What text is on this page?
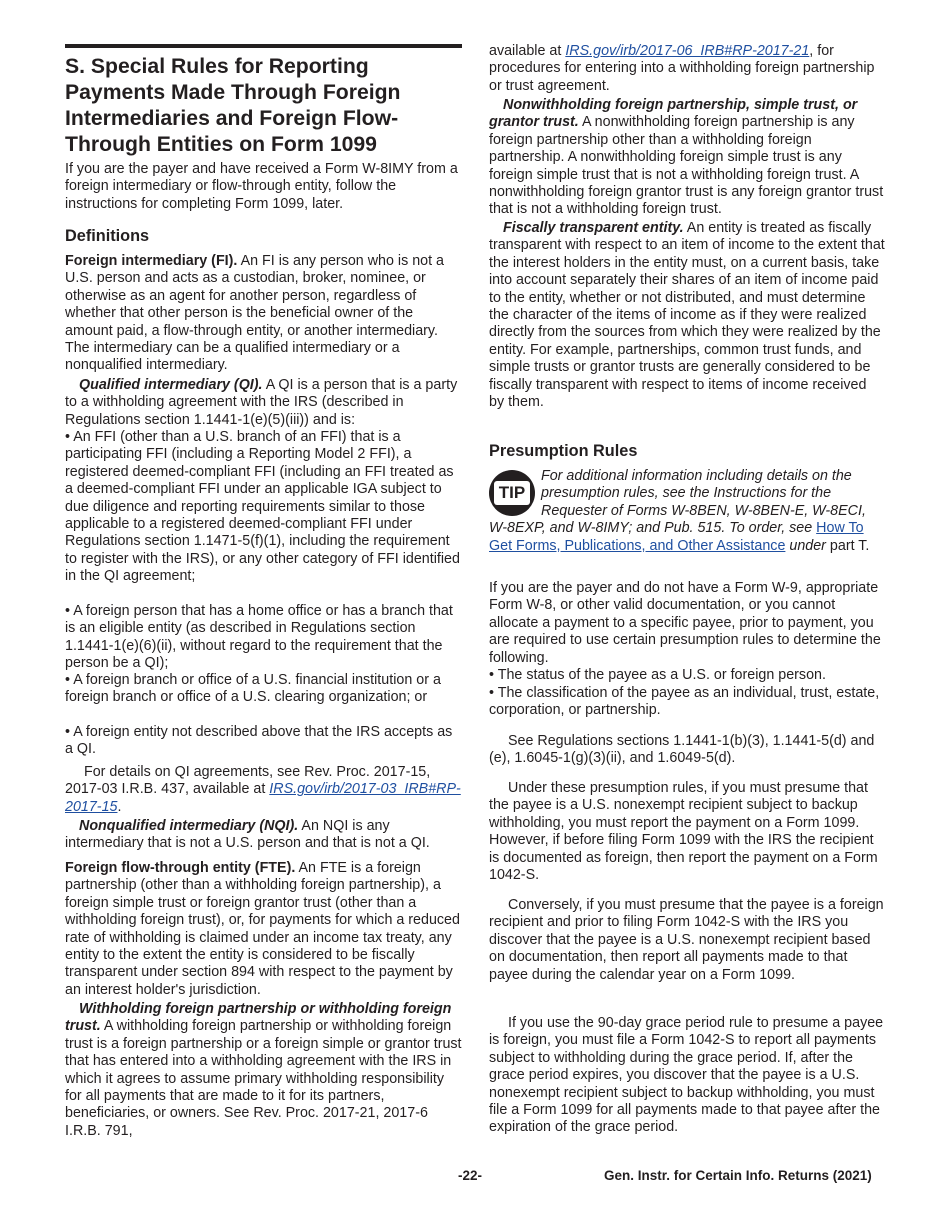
S. Special Rules for Reporting Payments Made Through Foreign Intermediaries and Foreign Flow-Through Entities on Form 1099

If you are the payer and have received a Form W-8IMY from a foreign intermediary or flow-through entity, follow the instructions for completing Form 1099, later.

Definitions

Foreign intermediary (FI). An FI is any person who is not a U.S. person and acts as a custodian, broker, nominee, or otherwise as an agent for another person, regardless of whether that other person is the beneficial owner of the amount paid, a flow-through entity, or another intermediary. The intermediary can be a qualified intermediary or a nonqualified intermediary.

Qualified intermediary (QI). A QI is a person that is a party to a withholding agreement with the IRS (described in Regulations section 1.1441-1(e)(5)(iii)) and is:

• An FFI (other than a U.S. branch of an FFI) that is a participating FFI (including a Reporting Model 2 FFI), a registered deemed-compliant FFI (including an FFI treated as a deemed-compliant FFI under an applicable IGA subject to due diligence and reporting requirements similar to those applicable to a registered deemed-compliant FFI under Regulations section 1.1471-5(f)(1), including the requirement to register with the IRS), or any other category of FFI identified in the QI agreement;

• A foreign person that has a home office or has a branch that is an eligible entity (as described in Regulations section 1.1441-1(e)(6)(ii), without regard to the requirement that the person be a QI);

• A foreign branch or office of a U.S. financial institution or a foreign branch or office of a U.S. clearing organization; or

• A foreign entity not described above that the IRS accepts as a QI.

For details on QI agreements, see Rev. Proc. 2017-15, 2017-03 I.R.B. 437, available at IRS.gov/irb/2017-03_IRB#RP-2017-15.

Nonqualified intermediary (NQI). An NQI is any intermediary that is not a U.S. person and that is not a QI.

Foreign flow-through entity (FTE). An FTE is a foreign partnership (other than a withholding foreign partnership), a foreign simple trust or foreign grantor trust (other than a withholding foreign trust), or, for payments for which a reduced rate of withholding is claimed under an income tax treaty, any entity to the extent the entity is considered to be fiscally transparent under section 894 with respect to the payment by an interest holder's jurisdiction.

Withholding foreign partnership or withholding foreign trust. A withholding foreign partnership or withholding foreign trust is a foreign partnership or a foreign simple or grantor trust that has entered into a withholding agreement with the IRS in which it agrees to assume primary withholding responsibility for all payments that are made to it for its partners, beneficiaries, or owners. See Rev. Proc. 2017-21, 2017-6 I.R.B. 791,

available at IRS.gov/irb/2017-06_IRB#RP-2017-21, for procedures for entering into a withholding foreign partnership or trust agreement.

Nonwithholding foreign partnership, simple trust, or grantor trust. A nonwithholding foreign partnership is any foreign partnership other than a withholding foreign partnership. A nonwithholding foreign simple trust is any foreign simple trust that is not a withholding foreign trust. A nonwithholding foreign grantor trust is any foreign grantor trust that is not a withholding foreign trust.

Fiscally transparent entity. An entity is treated as fiscally transparent with respect to an item of income to the extent that the interest holders in the entity must, on a current basis, take into account separately their shares of an item of income paid to the entity, whether or not distributed, and must determine the character of the items of income as if they were realized directly from the sources from which they were realized by the entity. For example, partnerships, common trust funds, and simple trusts or grantor trusts are generally considered to be fiscally transparent with respect to items of income received by them.

Presumption Rules

For additional information including details on the presumption rules, see the Instructions for the Requester of Forms W-8BEN, W-8BEN-E, W-8ECI, W-8EXP, and W-8IMY; and Pub. 515. To order, see How To Get Forms, Publications, and Other Assistance under part T.

TIP

If you are the payer and do not have a Form W-9, appropriate Form W-8, or other valid documentation, or you cannot allocate a payment to a specific payee, prior to payment, you are required to use certain presumption rules to determine the following.

• The status of the payee as a U.S. or foreign person.

• The classification of the payee as an individual, trust, estate, corporation, or partnership.

See Regulations sections 1.1441-1(b)(3), 1.1441-5(d) and (e), 1.6045-1(g)(3)(ii), and 1.6049-5(d).

Under these presumption rules, if you must presume that the payee is a U.S. nonexempt recipient subject to backup withholding, you must report the payment on a Form 1099. However, if before filing Form 1099 with the IRS the recipient is documented as foreign, then report the payment on a Form 1042-S.

Conversely, if you must presume that the payee is a foreign recipient and prior to filing Form 1042-S with the IRS you discover that the payee is a U.S. nonexempt recipient based on documentation, then report all payments made to that payee during the calendar year on a Form 1099.

If you use the 90-day grace period rule to presume a payee is foreign, you must file a Form 1042-S to report all payments subject to withholding during the grace period. If, after the grace period expires, you discover that the payee is a U.S. nonexempt recipient subject to backup withholding, you must file a Form 1099 for all payments made to that payee after the expiration of the grace period.

-22-	Gen. Instr. for Certain Info. Returns (2021)
